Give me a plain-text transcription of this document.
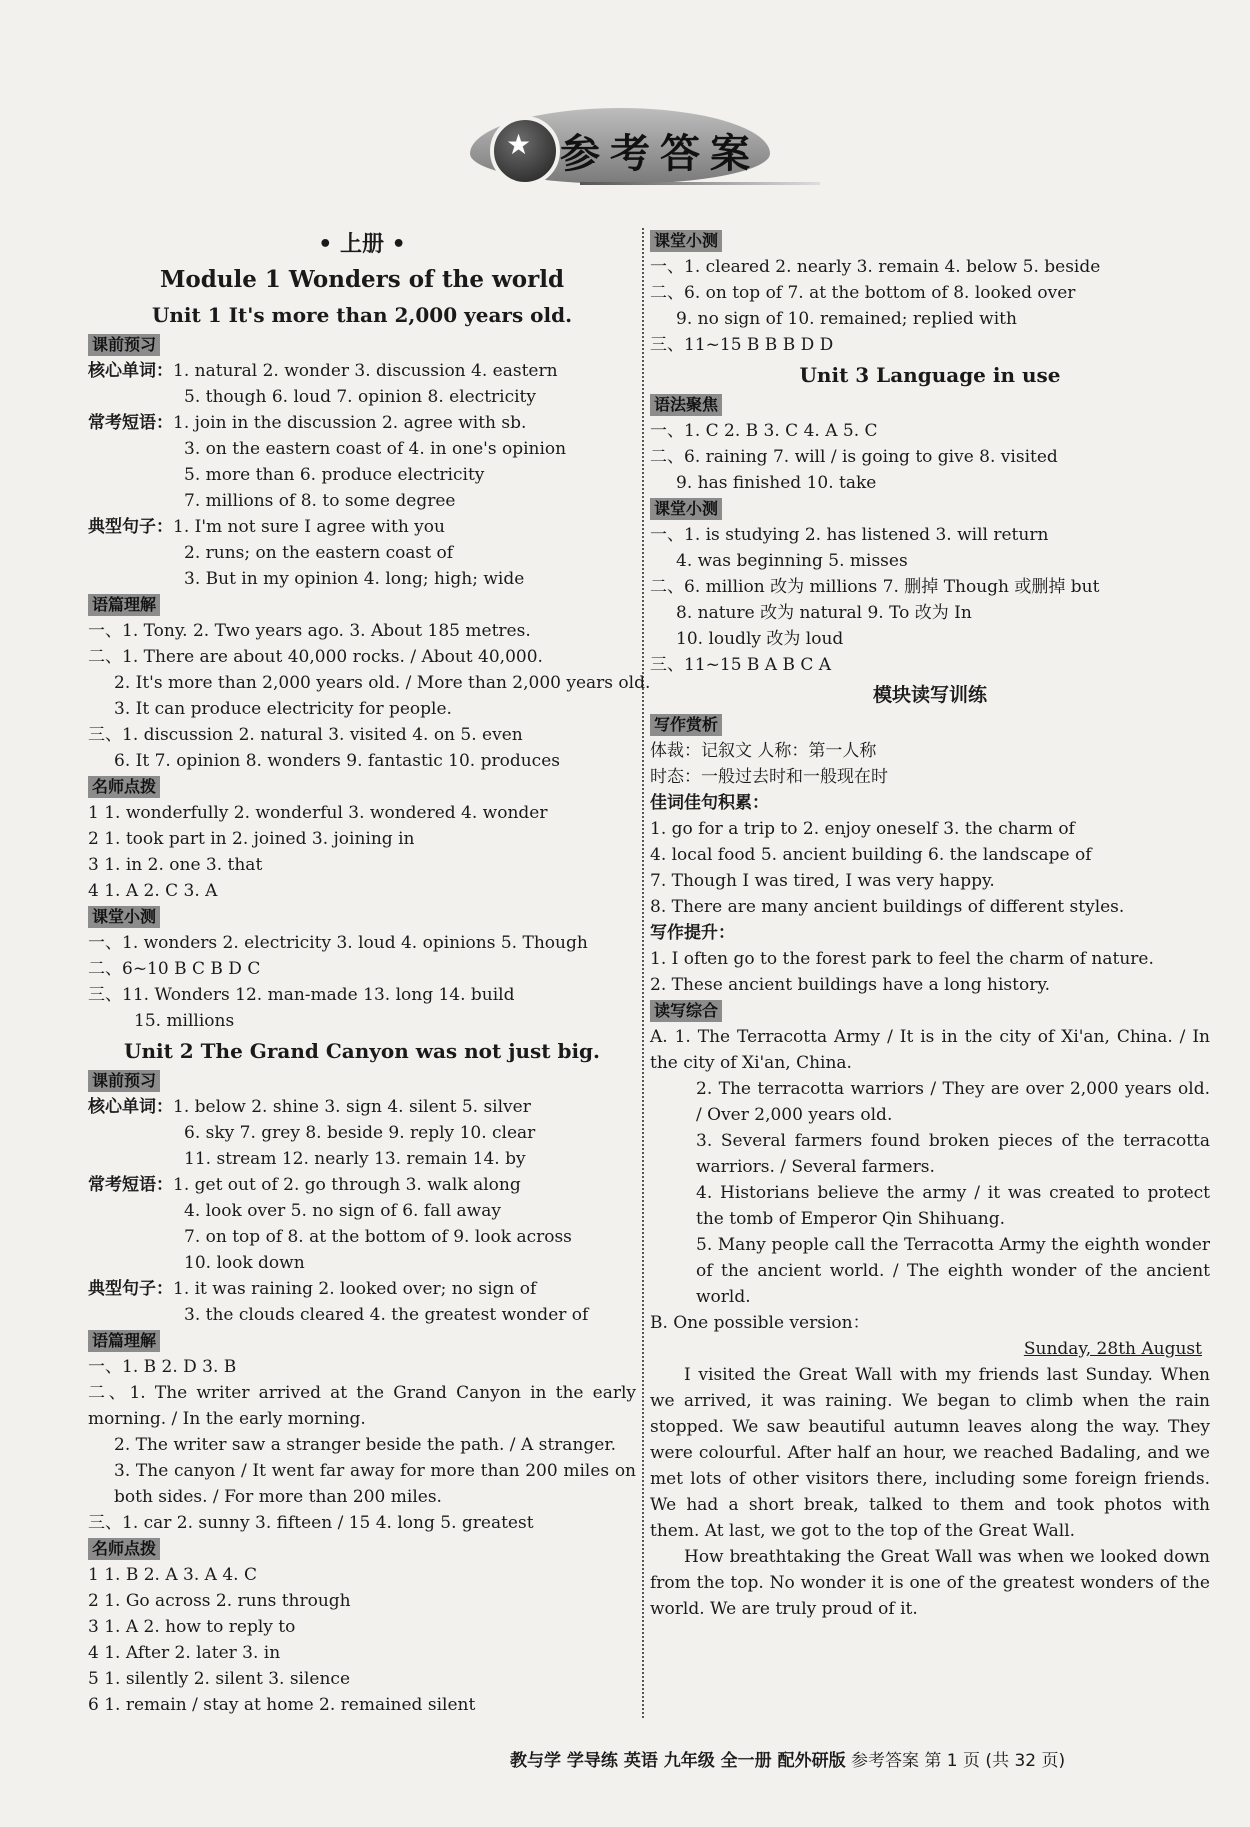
★ 参考答案
• 上册 •
Module 1 Wonders of the world
Unit 1 It's more than 2,000 years old.
课前预习
核心单词：1. natural 2. wonder 3. discussion 4. eastern
5. though 6. loud 7. opinion 8. electricity
常考短语：1. join in the discussion 2. agree with sb.
3. on the eastern coast of 4. in one's opinion
5. more than 6. produce electricity
7. millions of 8. to some degree
典型句子：1. I'm not sure I agree with you
2. runs; on the eastern coast of
3. But in my opinion 4. long; high; wide
语篇理解
一、1. Tony. 2. Two years ago. 3. About 185 metres.
二、1. There are about 40,000 rocks. / About 40,000.
2. It's more than 2,000 years old. / More than 2,000 years old.
3. It can produce electricity for people.
三、1. discussion 2. natural 3. visited 4. on 5. even
6. It 7. opinion 8. wonders 9. fantastic 10. produces
名师点拨
1 1. wonderfully 2. wonderful 3. wondered 4. wonder
2 1. took part in 2. joined 3. joining in
3 1. in 2. one 3. that
4 1. A 2. C 3. A
课堂小测
一、1. wonders 2. electricity 3. loud 4. opinions 5. Though
二、6~10 B C B D C
三、11. Wonders 12. man-made 13. long 14. build
15. millions
Unit 2 The Grand Canyon was not just big.
课前预习
核心单词：1. below 2. shine 3. sign 4. silent 5. silver
6. sky 7. grey 8. beside 9. reply 10. clear
11. stream 12. nearly 13. remain 14. by
常考短语：1. get out of 2. go through 3. walk along
4. look over 5. no sign of 6. fall away
7. on top of 8. at the bottom of 9. look across
10. look down
典型句子：1. it was raining 2. looked over; no sign of
3. the clouds cleared 4. the greatest wonder of
语篇理解
一、1. B 2. D 3. B
二、1. The writer arrived at the Grand Canyon in the early morning. / In the early morning.
2. The writer saw a stranger beside the path. / A stranger.
3. The canyon / It went far away for more than 200 miles on both sides. / For more than 200 miles.
三、1. car 2. sunny 3. fifteen / 15 4. long 5. greatest
名师点拨
1 1. B 2. A 3. A 4. C
2 1. Go across 2. runs through
3 1. A 2. how to reply to
4 1. After 2. later 3. in
5 1. silently 2. silent 3. silence
6 1. remain / stay at home 2. remained silent
课堂小测
一、1. cleared 2. nearly 3. remain 4. below 5. beside
二、6. on top of 7. at the bottom of 8. looked over
9. no sign of 10. remained; replied with
三、11~15 B B B D D
Unit 3 Language in use
语法聚焦
一、1. C 2. B 3. C 4. A 5. C
二、6. raining 7. will / is going to give 8. visited
9. has finished 10. take
课堂小测
一、1. is studying 2. has listened 3. will return
4. was beginning 5. misses
二、6. million 改为 millions 7. 删掉 Though 或删掉 but
8. nature 改为 natural 9. To 改为 In
10. loudly 改为 loud
三、11~15 B A B C A
模块读写训练
写作赏析
体裁：记叙文 人称：第一人称
时态：一般过去时和一般现在时
佳词佳句积累：
1. go for a trip to 2. enjoy oneself 3. the charm of
4. local food 5. ancient building 6. the landscape of
7. Though I was tired, I was very happy.
8. There are many ancient buildings of different styles.
写作提升：
1. I often go to the forest park to feel the charm of nature.
2. These ancient buildings have a long history.
读写综合
A. 1. The Terracotta Army / It is in the city of Xi'an, China. / In the city of Xi'an, China.
2. The terracotta warriors / They are over 2,000 years old. / Over 2,000 years old.
3. Several farmers found broken pieces of the terracotta warriors. / Several farmers.
4. Historians believe the army / it was created to protect the tomb of Emperor Qin Shihuang.
5. Many people call the Terracotta Army the eighth wonder of the ancient world. / The eighth wonder of the ancient world.
B. One possible version：
Sunday, 28th August
I visited the Great Wall with my friends last Sunday. When we arrived, it was raining. We began to climb when the rain stopped. We saw beautiful autumn leaves along the way. They were colourful. After half an hour, we reached Badaling, and we met lots of other visitors there, including some foreign friends. We had a short break, talked to them and took photos with them. At last, we got to the top of the Great Wall.
How breathtaking the Great Wall was when we looked down from the top. No wonder it is one of the greatest wonders of the world. We are truly proud of it.
教与学 学导练 英语 九年级 全一册 配外研版 参考答案 第 1 页 (共 32 页)
